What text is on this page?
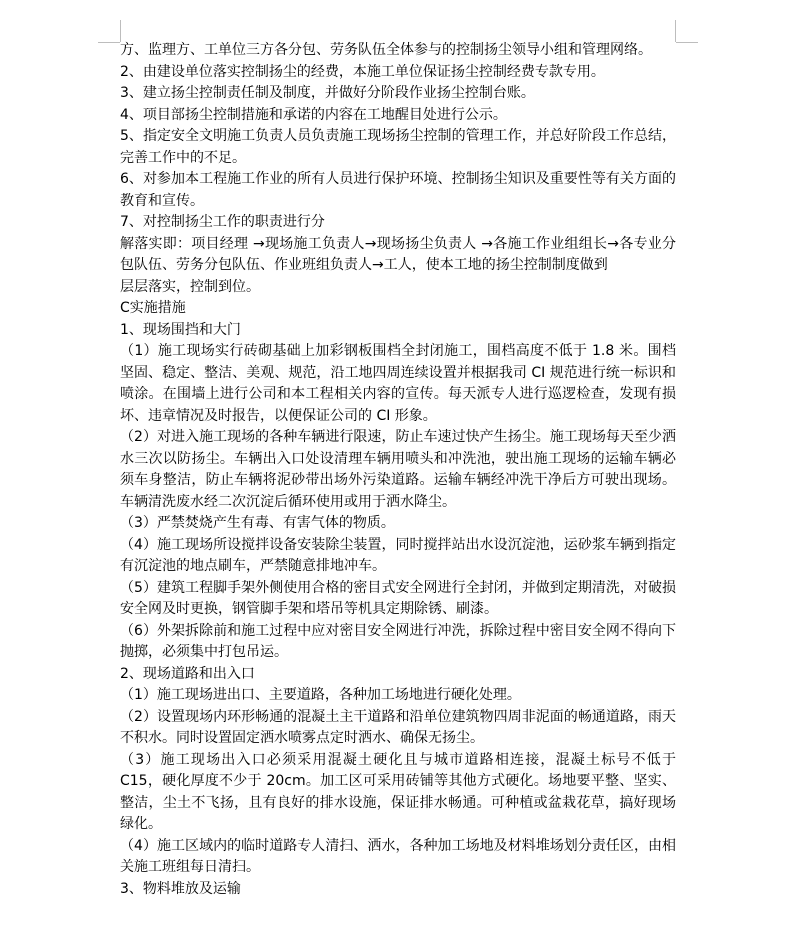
方、监理方、工单位三方各分包、劳务队伍全体参与的控制扬尘领导小组和管理网络。

2、由建设单位落实控制扬尘的经费，本施工单位保证扬尘控制经费专款专用。

3、建立扬尘控制责任制及制度，并做好分阶段作业扬尘控制台账。

4、项目部扬尘控制措施和承诺的内容在工地醒目处进行公示。

5、指定安全文明施工负责人员负责施工现场扬尘控制的管理工作，并总好阶段工作总结，完善工作中的不足。

6、对参加本工程施工作业的所有人员进行保护环境、控制扬尘知识及重要性等有关方面的教育和宣传。

7、对控制扬尘工作的职责进行分

解落实即：项目经理 →现场施工负责人→现场扬尘负责人 →各施工作业组组长→各专业分包队伍、劳务分包队伍、作业班组负责人→工人，使本工地的扬尘控制制度做到

层层落实，控制到位。

C实施措施

1、现场围挡和大门

（1）施工现场实行砖砌基础上加彩钢板围档全封闭施工，围档高度不低于 1.8 米。围档坚固、稳定、整洁、美观、规范，沿工地四周连续设置并根据我司 CI 规范进行统一标识和喷涂。在围墙上进行公司和本工程相关内容的宣传。每天派专人进行巡逻检查，发现有损坏、违章情况及时报告，以便保证公司的 CI 形象。

（2）对进入施工现场的各种车辆进行限速，防止车速过快产生扬尘。施工现场每天至少洒水三次以防扬尘。车辆出入口处设清理车辆用喷头和冲洗池，驶出施工现场的运输车辆必须车身整洁，防止车辆将泥砂带出场外污染道路。运输车辆经冲洗干净后方可驶出现场。车辆清洗废水经二次沉淀后循环使用或用于洒水降尘。

（3）严禁焚烧产生有毒、有害气体的物质。

（4）施工现场所设搅拌设备安装除尘装置，同时搅拌站出水设沉淀池，运砂浆车辆到指定有沉淀池的地点刷车，严禁随意排地冲车。

（5）建筑工程脚手架外侧使用合格的密目式安全网进行全封闭，并做到定期清洗，对破损安全网及时更换，钢管脚手架和塔吊等机具定期除锈、刷漆。

（6）外架拆除前和施工过程中应对密目安全网进行冲洗，拆除过程中密目安全网不得向下抛掷，必须集中打包吊运。

2、现场道路和出入口

（1）施工现场进出口、主要道路，各种加工场地进行硬化处理。

（2）设置现场内环形畅通的混凝土主干道路和沿单位建筑物四周非泥面的畅通道路，雨天不积水。同时设置固定洒水喷雾点定时洒水、确保无扬尘。

（3）施工现场出入口必须采用混凝土硬化且与城市道路相连接，混凝土标号不低于 C15，硬化厚度不少于 20cm。加工区可采用砖铺等其他方式硬化。场地要平整、坚实、整洁，尘土不飞扬，且有良好的排水设施，保证排水畅通。可种植或盆栽花草，搞好现场绿化。

（4）施工区域内的临时道路专人清扫、洒水，各种加工场地及材料堆场划分责任区，由相关施工班组每日清扫。

3、物料堆放及运输
